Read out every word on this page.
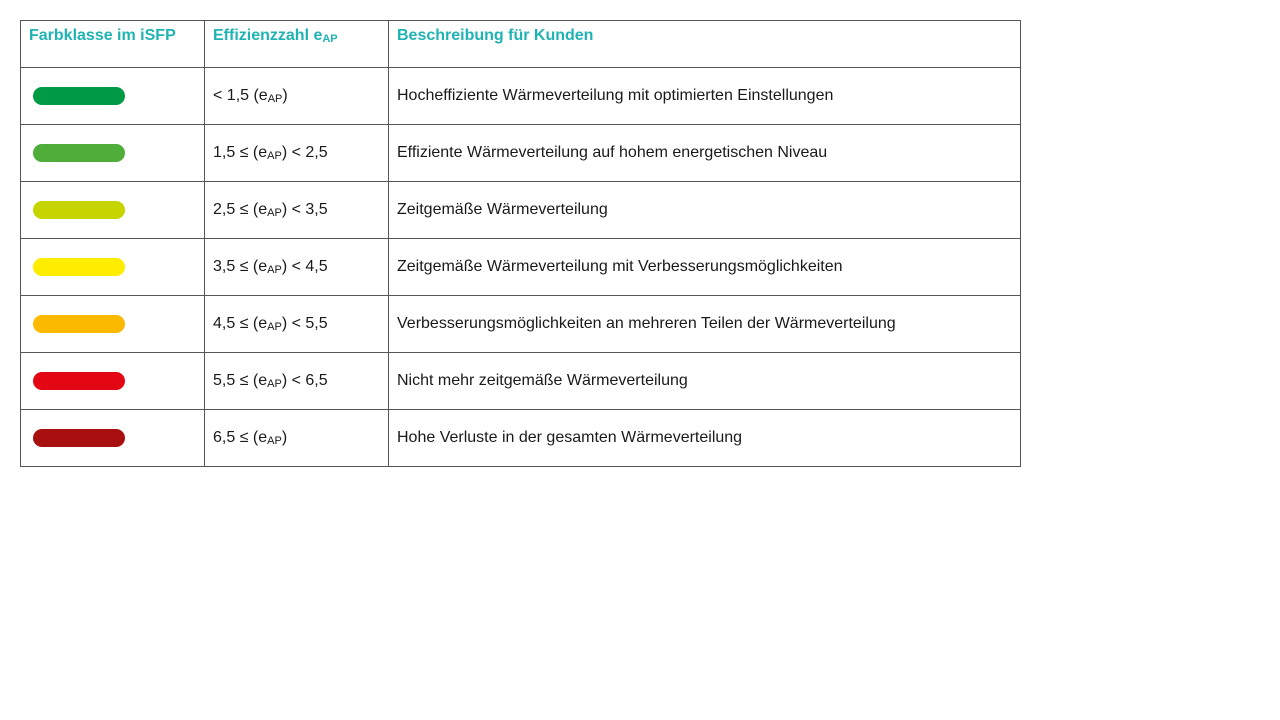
Farbklasse im iSFP	Effizienzzahl eAP	Beschreibung für Kunden

	< 1,5 (eAP)	Hocheffiziente Wärmeverteilung mit optimierten Einstellungen

	1,5 ≤ (eAP) < 2,5	Effiziente Wärmeverteilung auf hohem energetischen Niveau

	2,5 ≤ (eAP) < 3,5	Zeitgemäße Wärmeverteilung

	3,5 ≤ (eAP) < 4,5	Zeitgemäße Wärmeverteilung mit Verbesserungsmöglichkeiten

	4,5 ≤ (eAP) < 5,5	Verbesserungsmöglichkeiten an mehreren Teilen der Wärmeverteilung

	5,5 ≤ (eAP) < 6,5	Nicht mehr zeitgemäße Wärmeverteilung

	6,5 ≤ (eAP)	Hohe Verluste in der gesamten Wärmeverteilung
